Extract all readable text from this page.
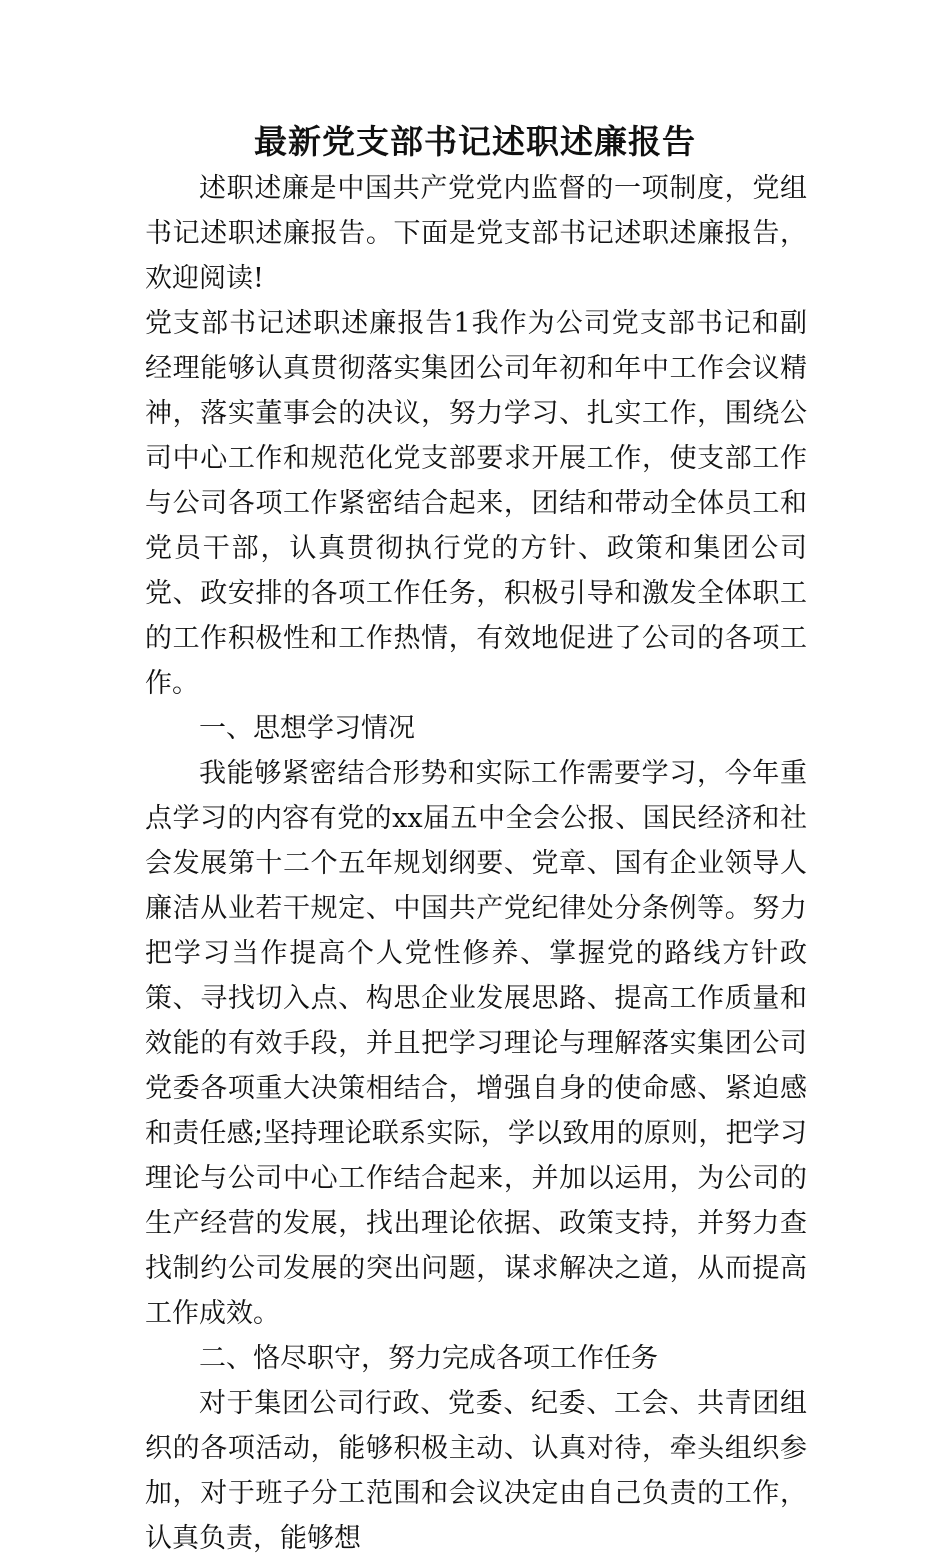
最新党支部书记述职述廉报告

述职述廉是中国共产党党内监督的一项制度，党组书记述职述廉报告。下面是党支部书记述职述廉报告，欢迎阅读!

党支部书记述职述廉报告1我作为公司党支部书记和副经理能够认真贯彻落实集团公司年初和年中工作会议精神，落实董事会的决议，努力学习、扎实工作，围绕公司中心工作和规范化党支部要求开展工作，使支部工作与公司各项工作紧密结合起来，团结和带动全体员工和党员干部，认真贯彻执行党的方针、政策和集团公司党、政安排的各项工作任务，积极引导和激发全体职工的工作积极性和工作热情，有效地促进了公司的各项工作。

一、思想学习情况

我能够紧密结合形势和实际工作需要学习，今年重点学习的内容有党的xx届五中全会公报、国民经济和社会发展第十二个五年规划纲要、党章、国有企业领导人廉洁从业若干规定、中国共产党纪律处分条例等。努力把学习当作提高个人党性修养、掌握党的路线方针政策、寻找切入点、构思企业发展思路、提高工作质量和效能的有效手段，并且把学习理论与理解落实集团公司党委各项重大决策相结合，增强自身的使命感、紧迫感和责任感;坚持理论联系实际，学以致用的原则，把学习理论与公司中心工作结合起来，并加以运用，为公司的生产经营的发展，找出理论依据、政策支持，并努力查找制约公司发展的突出问题，谋求解决之道，从而提高工作成效。

二、恪尽职守，努力完成各项工作任务

对于集团公司行政、党委、纪委、工会、共青团组织的各项活动，能够积极主动、认真对待，牵头组织参加，对于班子分工范围和会议决定由自己负责的工作，认真负责，能够想
